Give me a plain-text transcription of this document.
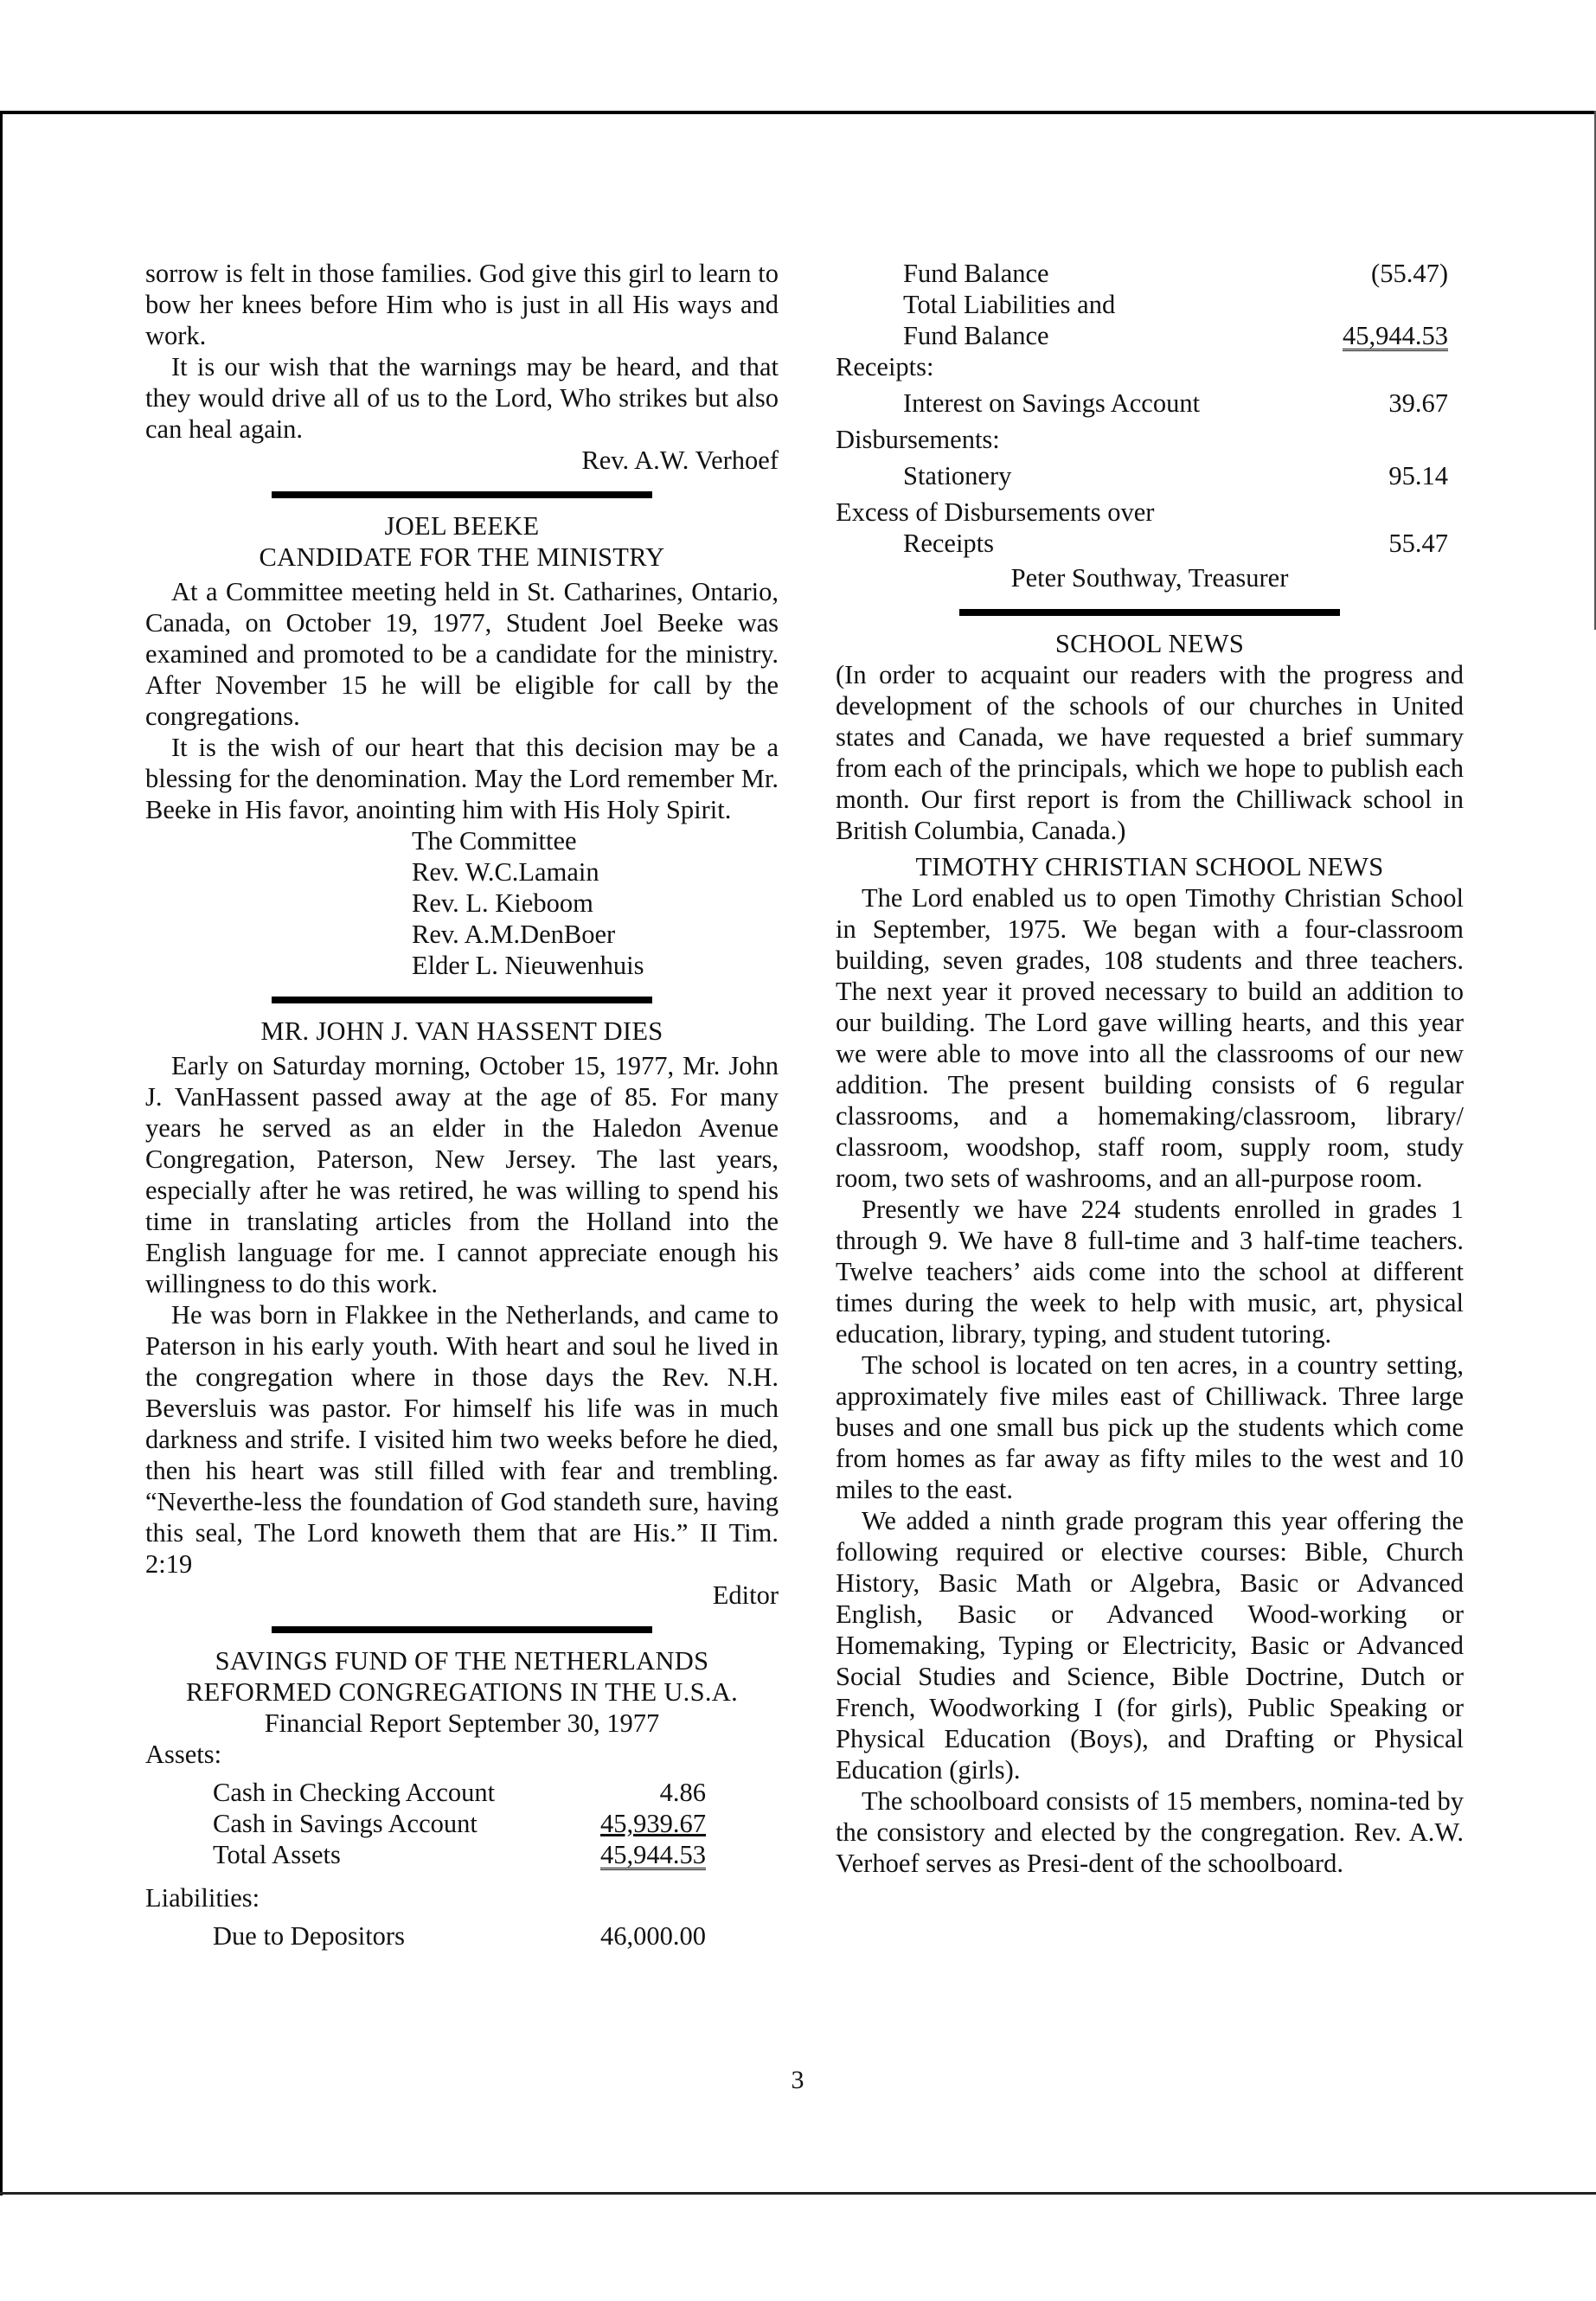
sorrow is felt in those families. God give this girl to learn to bow her knees before Him who is just in all His ways and work.

It is our wish that the warnings may be heard, and that they would drive all of us to the Lord, Who strikes but also can heal again.

Rev. A.W. Verhoef
JOEL BEEKE
CANDIDATE FOR THE MINISTRY

At a Committee meeting held in St. Catharines, Ontario, Canada, on October 19, 1977, Student Joel Beeke was examined and promoted to be a candidate for the ministry. After November 15 he will be eligible for call by the congregations.

It is the wish of our heart that this decision may be a blessing for the denomination. May the Lord remember Mr. Beeke in His favor, anointing him with His Holy Spirit.

The Committee
Rev. W.C.Lamain
Rev. L. Kieboom
Rev. A.M.DenBoer
Elder L. Nieuwenhuis
MR. JOHN J. VAN HASSENT DIES

Early on Saturday morning, October 15, 1977, Mr. John J. VanHassent passed away at the age of 85. For many years he served as an elder in the Haledon Avenue Congregation, Paterson, New Jersey. The last years, especially after he was retired, he was willing to spend his time in translating articles from the Holland into the English language for me. I cannot appreciate enough his willingness to do this work.

He was born in Flakkee in the Netherlands, and came to Paterson in his early youth. With heart and soul he lived in the congregation where in those days the Rev. N.H. Beversluis was pastor. For himself his life was in much darkness and strife. I visited him two weeks before he died, then his heart was still filled with fear and trembling. “Neverthe-less the foundation of God standeth sure, having this seal, The Lord knoweth them that are His.” II Tim. 2:19

Editor
SAVINGS FUND OF THE NETHERLANDS
REFORMED CONGREGATIONS IN THE U.S.A.
Financial Report September 30, 1977
Assets:	

Cash in Checking Account	4.86
Cash in Savings Account	45,939.67
Total Assets	45,944.53

Liabilities:	

Due to Depositors	46,000.00
Fund Balance	(55.47)
Total Liabilities and	
Fund Balance	45,944.53
Receipts:	

Interest on Savings Account	39.67

Disbursements:	

Stationery	95.14

Excess of Disbursements over	
Receipts	55.47
Peter Southway, Treasurer
SCHOOL NEWS

(In order to acquaint our readers with the progress and development of the schools of our churches in United states and Canada, we have requested a brief summary from each of the principals, which we hope to publish each month. Our first report is from the Chilliwack school in British Columbia, Canada.)

TIMOTHY CHRISTIAN SCHOOL NEWS

The Lord enabled us to open Timothy Christian School in September, 1975. We began with a four-classroom building, seven grades, 108 students and three teachers. The next year it proved necessary to build an addition to our building. The Lord gave willing hearts, and this year we were able to move into all the classrooms of our new addition. The present building consists of 6 regular classrooms, and a homemaking/classroom, library/ classroom, woodshop, staff room, supply room, study room, two sets of washrooms, and an all-purpose room.

Presently we have 224 students enrolled in grades 1 through 9. We have 8 full-time and 3 half-time teachers. Twelve teachers’ aids come into the school at different times during the week to help with music, art, physical education, library, typing, and student tutoring.

The school is located on ten acres, in a country setting, approximately five miles east of Chilliwack. Three large buses and one small bus pick up the students which come from homes as far away as fifty miles to the west and 10 miles to the east.

We added a ninth grade program this year offering the following required or elective courses: Bible, Church History, Basic Math or Algebra, Basic or Advanced English, Basic or Advanced Wood-working or Homemaking, Typing or Electricity, Basic or Advanced Social Studies and Science, Bible Doctrine, Dutch or French, Woodworking I (for girls), Public Speaking or Physical Education (Boys), and Drafting or Physical Education (girls).

The schoolboard consists of 15 members, nomina-ted by the consistory and elected by the congregation. Rev. A.W. Verhoef serves as Presi-dent of the schoolboard.

3
